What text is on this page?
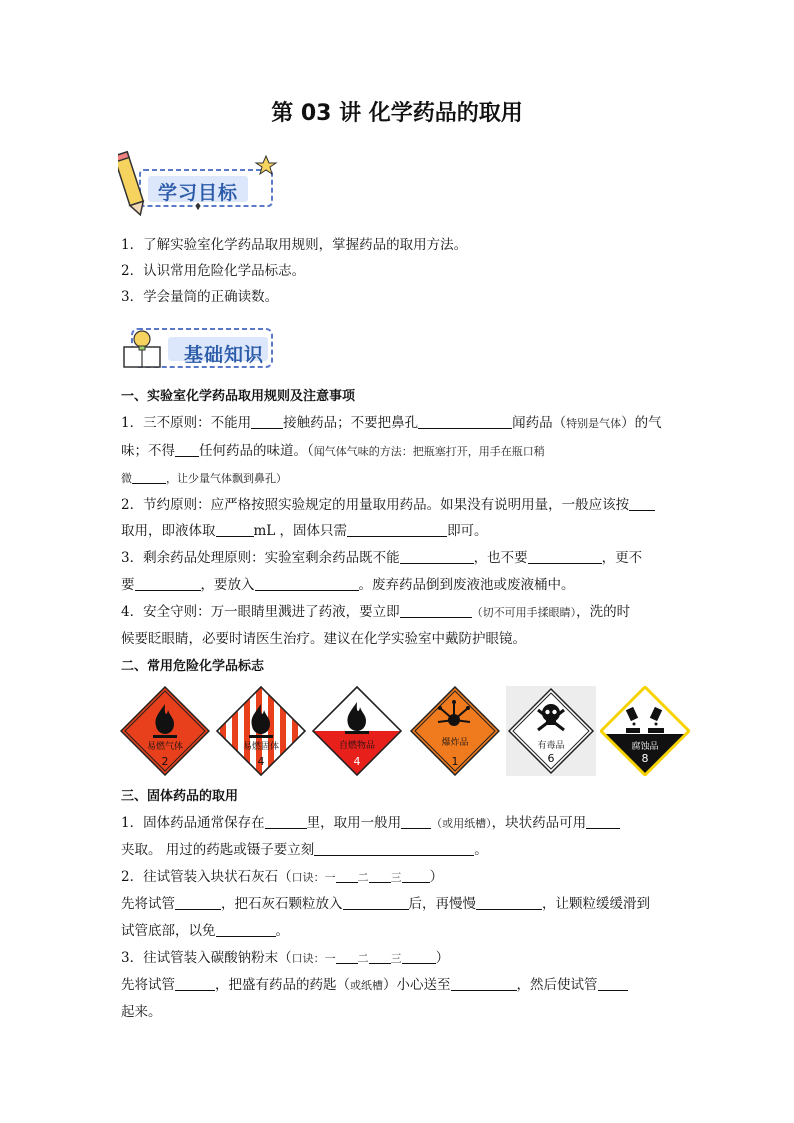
第 03 讲 化学药品的取用
学习目标
1．了解实验室化学药品取用规则，掌握药品的取用方法。
2．认识常用危险化学品标志。
3．学会量筒的正确读数。
基础知识
一、实验室化学药品取用规则及注意事项
1．三不原则：不能用 接触药品；不要把鼻孔	闻药品（特别是气体）的气
味；不得 任何药品的味道。（闻气体气味的方法：把瓶塞打开，用手在瓶口稍
微	，让少量气体飘到鼻孔）
2．节约原则：应严格按照实验规定的用量取用药品。如果没有说明用量，一般应该按
取用，即液体取	mL ，固体只需	即可。
3．剩余药品处理原则：实验室剩余药品既不能	，也不要	，更不
要	，要放入	。废弃药品倒到废液池或废液桶中。
4．安全守则：万一眼睛里溅进了药液，要立即	（切不可用手揉眼睛），洗的时
候要眨眼睛，必要时请医生治疗。建议在化学实验室中戴防护眼镜。
二、常用危险化学品标志
易燃气体
2
易燃固体
4
自燃物品
4
爆炸品
1
有毒品
6
腐蚀品
8
三、固体药品的取用
1．固体药品通常保存在	里，取用一般用	（或用纸槽），块状药品可用
夹取。 用过的药匙或镊子要立刻	。
2．往试管装入块状石灰石（口诀：一 二 三 ）
先将试管	，把石灰石颗粒放入	后，再慢慢	，让颗粒缓缓滑到
试管底部，以免	。
3．往试管装入碳酸钠粉末（口诀：一 二 三	）
先将试管	，把盛有药品的药匙（或纸槽）小心送至	，然后使试管
起来。
